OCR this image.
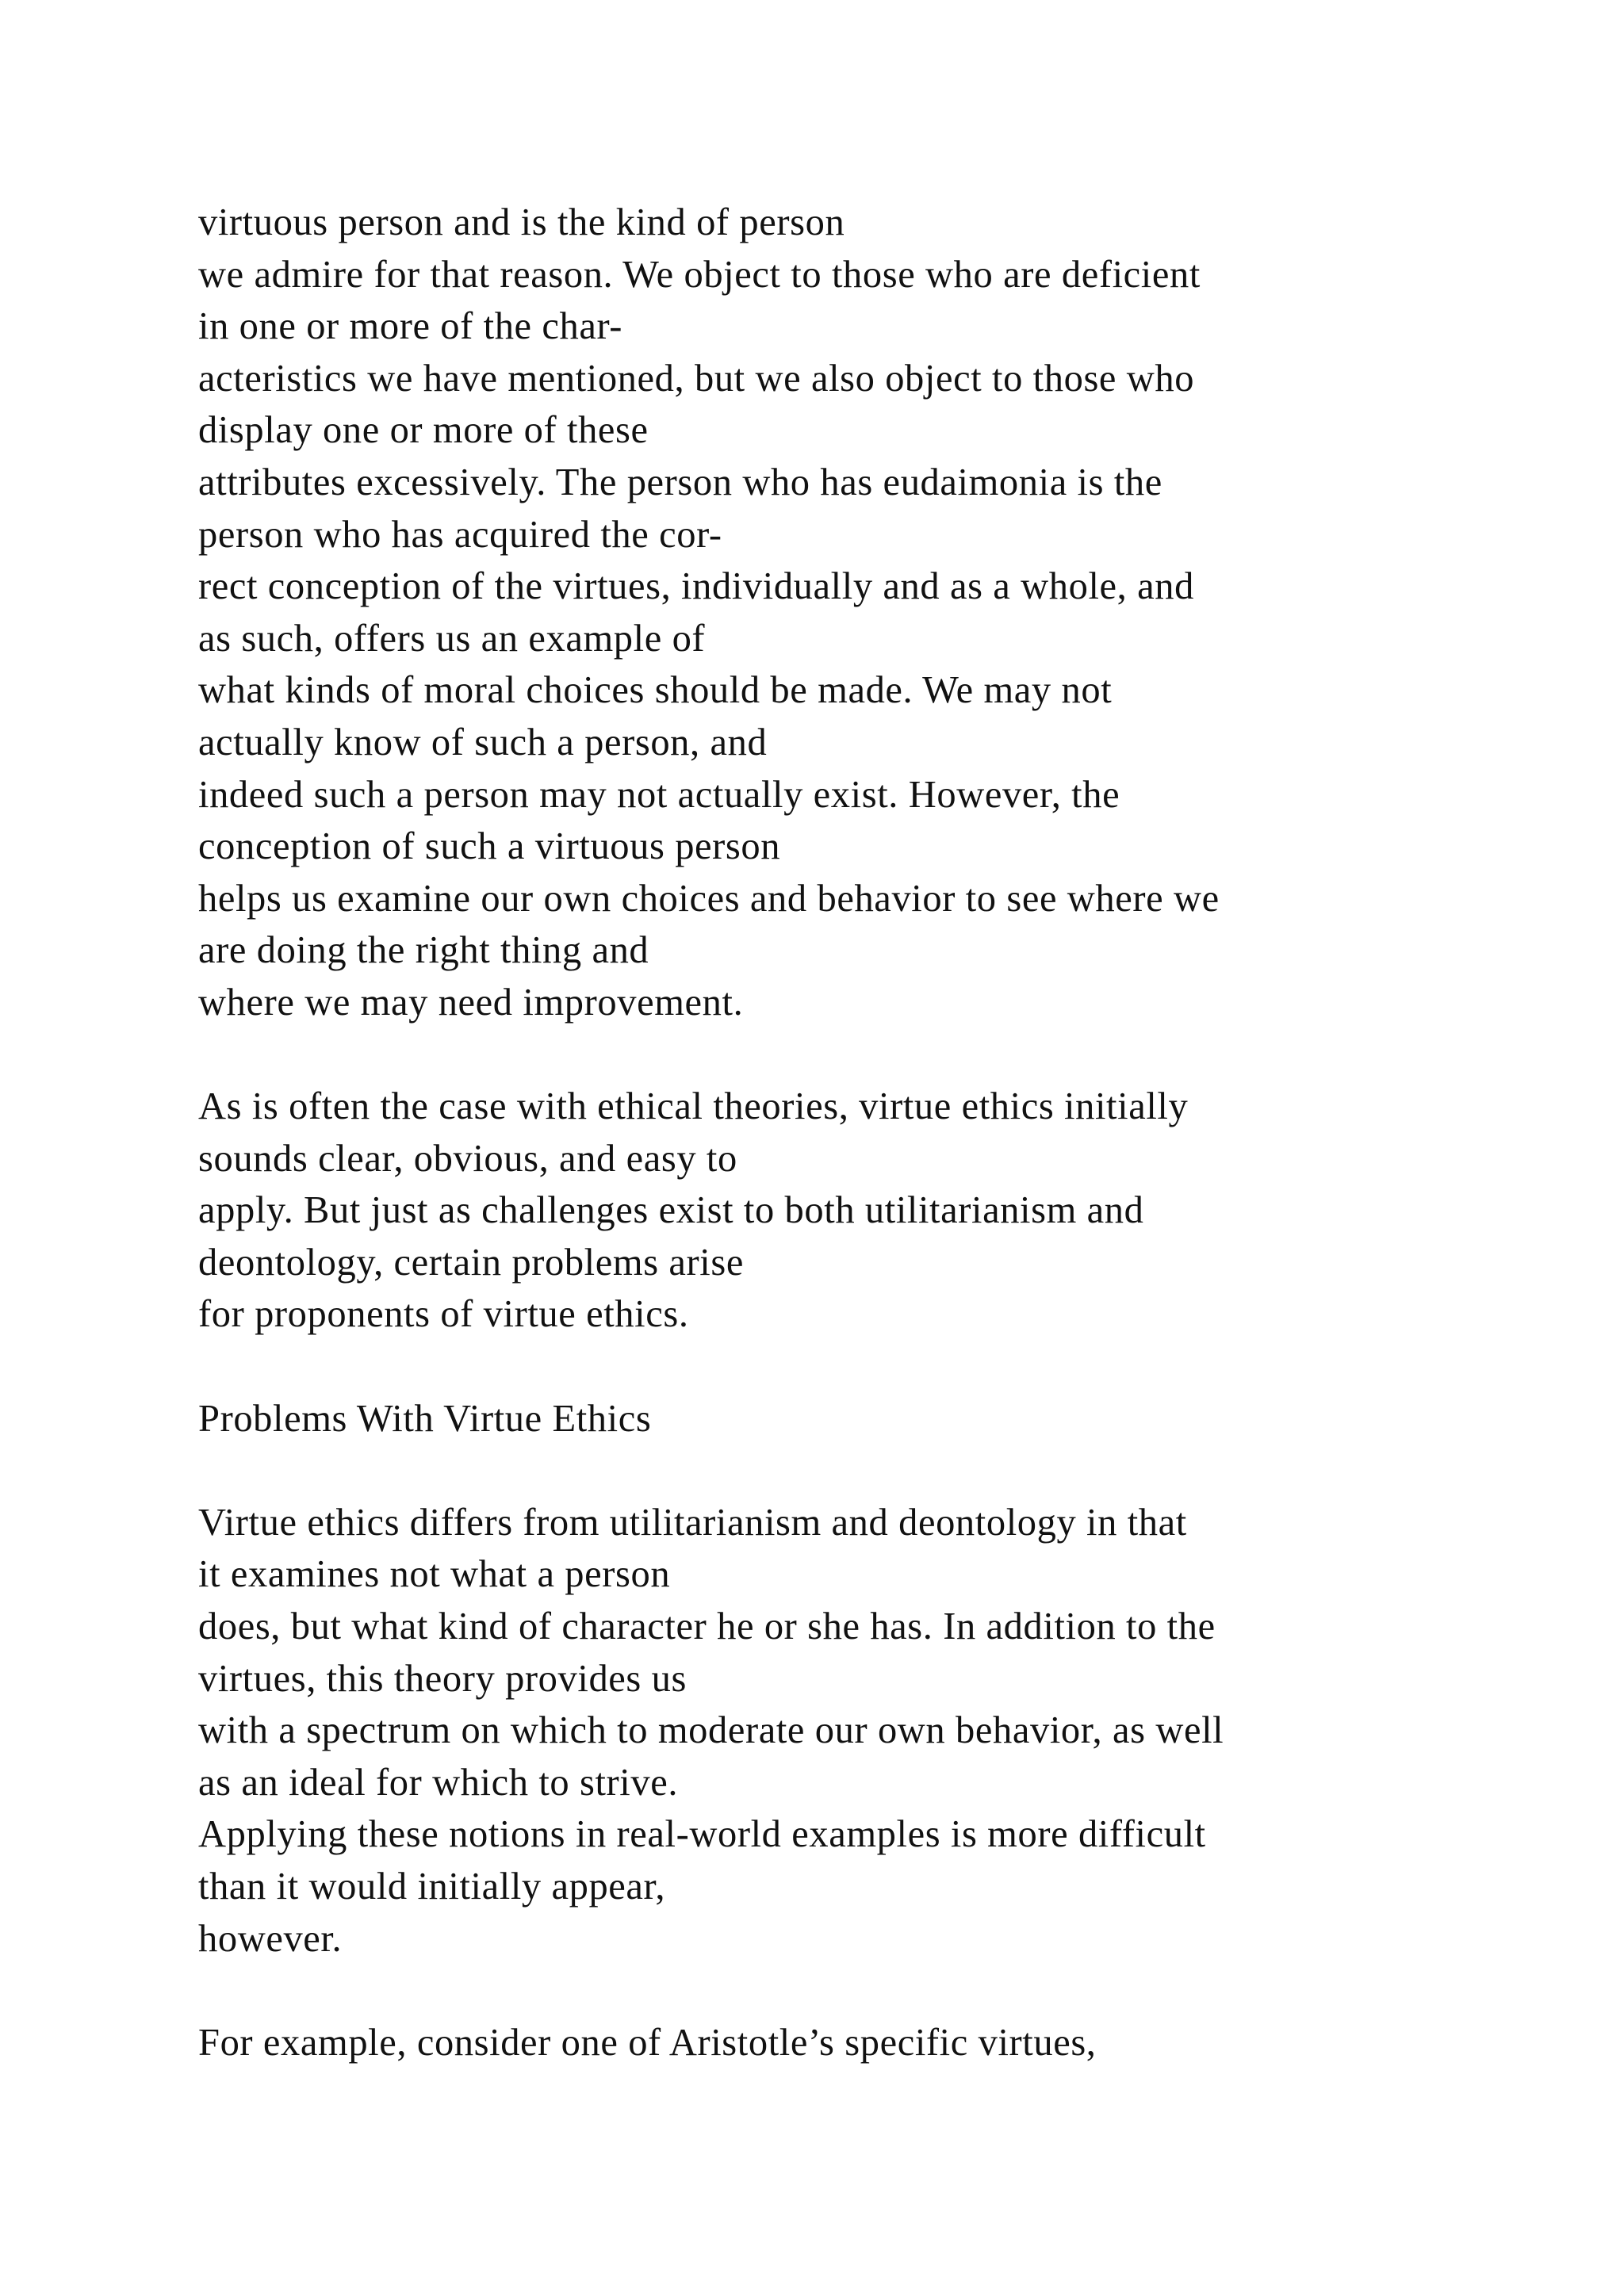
virtuous person and is the kind of person
we admire for that reason. We object to those who are deficient
in one or more of the char-
acteristics we have mentioned, but we also object to those who
display one or more of these
attributes excessively. The person who has eudaimonia is the
person who has acquired the cor-
rect conception of the virtues, individually and as a whole, and
as such, offers us an example of
what kinds of moral choices should be made. We may not
actually know of such a person, and
indeed such a person may not actually exist. However, the
conception of such a virtuous person
helps us examine our own choices and behavior to see where we
are doing the right thing and
where we may need improvement.
As is often the case with ethical theories, virtue ethics initially
sounds clear, obvious, and easy to
apply. But just as challenges exist to both utilitarianism and
deontology, certain problems arise
for proponents of virtue ethics.
Problems With Virtue Ethics
Virtue ethics differs from utilitarianism and deontology in that
it examines not what a person
does, but what kind of character he or she has. In addition to the
virtues, this theory provides us
with a spectrum on which to moderate our own behavior, as well
as an ideal for which to strive.
Applying these notions in real-world examples is more difficult
than it would initially appear,
however.
For example, consider one of Aristotle’s specific virtues,
